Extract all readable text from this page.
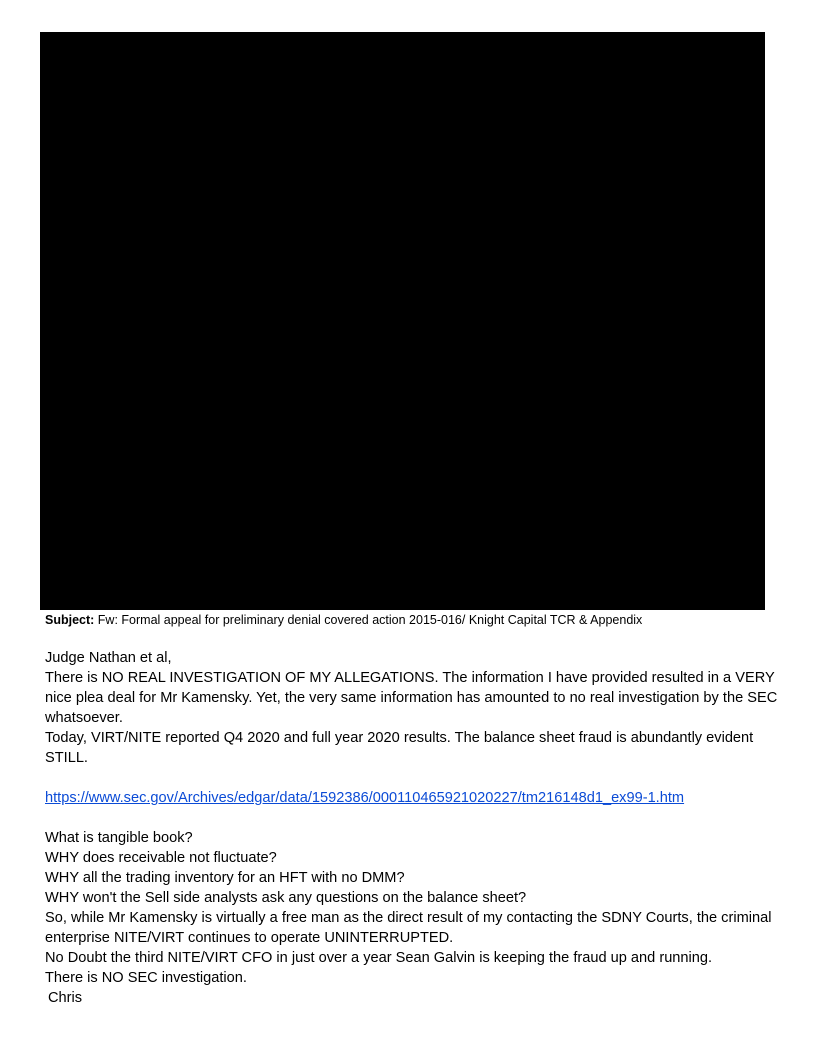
Subject: Fw: Formal appeal for preliminary denial covered action 2015-016/ Knight Capital TCR & Appendix

Judge Nathan et al,

There is NO REAL INVESTIGATION OF MY ALLEGATIONS. The information I have provided resulted in a VERY nice plea deal for Mr Kamensky. Yet, the very same information has amounted to no real investigation by the SEC whatsoever.

Today, VIRT/NITE reported Q4 2020 and full year 2020 results. The balance sheet fraud is abundantly evident STILL.

https://www.sec.gov/Archives/edgar/data/1592386/000110465921020227/tm216148d1_ex99-1.htm

What is tangible book?

WHY does receivable not fluctuate?

WHY all the trading inventory for an HFT with no DMM?

WHY won't the Sell side analysts ask any questions on the balance sheet?

So, while Mr Kamensky is virtually a free man as the direct result of my contacting the SDNY Courts, the criminal enterprise NITE/VIRT continues to operate UNINTERRUPTED.

No Doubt the third NITE/VIRT CFO in just over a year Sean Galvin is keeping the fraud up and running.

There is NO SEC investigation.

Chris
